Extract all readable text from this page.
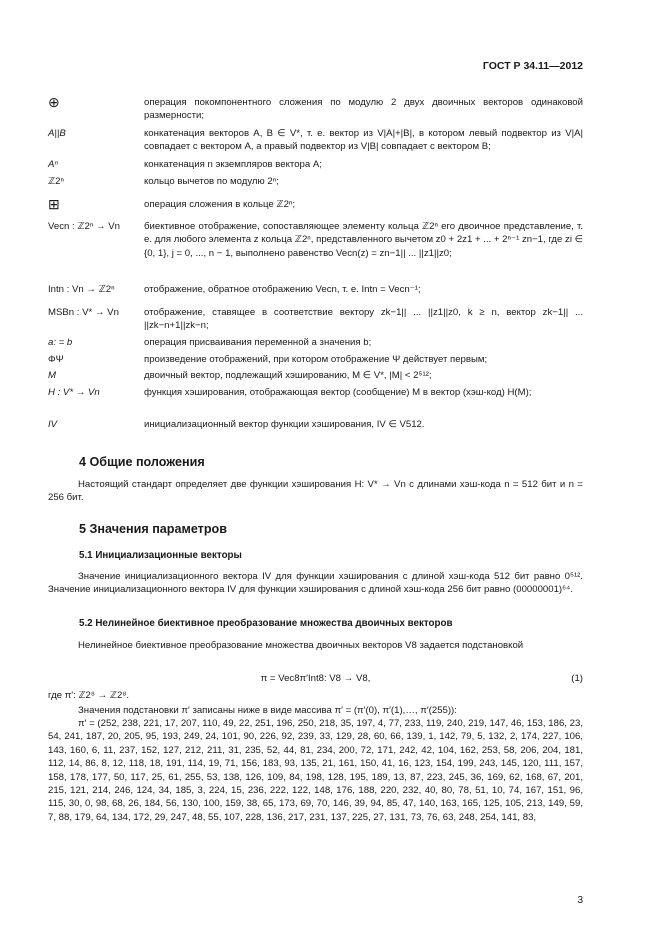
ГОСТ Р 34.11—2012
⊕	операция покомпонентного сложения по модулю 2 двух двоичных векторов одинаковой размерности;
A||B	конкатенация векторов A, B ∈ V*, т. е. вектор из V|A|+|B|, в котором левый подвектор из V|A| совпадает с вектором A, а правый подвектор из V|B| совпадает с вектором B;
Aⁿ	конкатенация n экземпляров вектора A;
ℤ2ⁿ	кольцо вычетов по модулю 2ⁿ;
⊞	операция сложения в кольце ℤ2ⁿ;
Vecn : ℤ2ⁿ → Vn	биективное отображение, сопоставляющее элементу кольца ℤ2ⁿ его двоичное представление, т. е. для любого элемента z кольца ℤ2ⁿ, представленного вычетом z0 + 2z1 + ... + 2ⁿ⁻¹ zn−1, где zi ∈ {0, 1}, j = 0, ..., n − 1, выполнено равенство Vecn(z) = zn−1|| ... ||z1||z0;
Intn : Vn → ℤ2ⁿ	отображение, обратное отображению Vecn, т. е. Intn = Vecn⁻¹;
MSBn : V* → Vn	отображение, ставящее в соответствие вектору zk−1|| ... ||z1||z0, k ≥ n, вектор zk−1|| ... ||zk−n+1||zk−n;
a: = b	операция присваивания переменной a значения b;
ΦΨ	произведение отображений, при котором отображение Ψ действует первым;
M	двоичный вектор, подлежащий хэшированию, M ∈ V*, |M| < 2⁵¹²;
H : V* → Vn	функция хэширования, отображающая вектор (сообщение) M в вектор (хэш-код) H(M);
IV	инициализационный вектор функции хэширования, IV ∈ V512.
4 Общие положения
Настоящий стандарт определяет две функции хэширования H: V* → Vn с длинами хэш-кода n = 512 бит и n = 256 бит.
5 Значения параметров
5.1 Инициализационные векторы
Значение инициализационного вектора IV для функции хэширования с длиной хэш-кода 512 бит равно 0⁵¹². Значение инициализационного вектора IV для функции хэширования с длиной хэш-кода 256 бит равно (00000001)⁶⁴.
5.2 Нелинейное биективное преобразование множества двоичных векторов
Нелинейное биективное преобразование множества двоичных векторов V8 задается подстановкой
π = Vec8π′Int8: V8 → V8,	(1)
где π′: ℤ2⁸ → ℤ2⁸.
Значения подстановки π′ записаны ниже в виде массива π′ = (π′(0), π′(1),…, π′(255)):
π′ = (252, 238, 221, 17, 207, 110, 49, 22, 251, 196, 250, 218, 35, 197, 4, 77, 233, 119, 240, 219, 147, 46, 153, 186, 23, 54, 241, 187, 20, 205, 95, 193, 249, 24, 101, 90, 226, 92, 239, 33, 129, 28, 60, 66, 139, 1, 142, 79, 5, 132, 2, 174, 227, 106, 143, 160, 6, 11, 237, 152, 127, 212, 211, 31, 235, 52, 44, 81, 234, 200, 72, 171, 242, 42, 104, 162, 253, 58, 206, 204, 181, 112, 14, 86, 8, 12, 118, 18, 191, 114, 19, 71, 156, 183, 93, 135, 21, 161, 150, 41, 16, 123, 154, 199, 243, 145, 120, 111, 157, 158, 178, 177, 50, 117, 25, 61, 255, 53, 138, 126, 109, 84, 198, 128, 195, 189, 13, 87, 223, 245, 36, 169, 62, 168, 67, 201, 215, 121, 214, 246, 124, 34, 185, 3, 224, 15, 236, 222, 122, 148, 176, 188, 220, 232, 40, 80, 78, 51, 10, 74, 167, 151, 96, 115, 30, 0, 98, 68, 26, 184, 56, 130, 100, 159, 38, 65, 173, 69, 70, 146, 39, 94, 85, 47, 140, 163, 165, 125, 105, 213, 149, 59, 7, 88, 179, 64, 134, 172, 29, 247, 48, 55, 107, 228, 136, 217, 231, 137, 225, 27, 131, 73, 76, 63, 248, 254, 141, 83,
3
